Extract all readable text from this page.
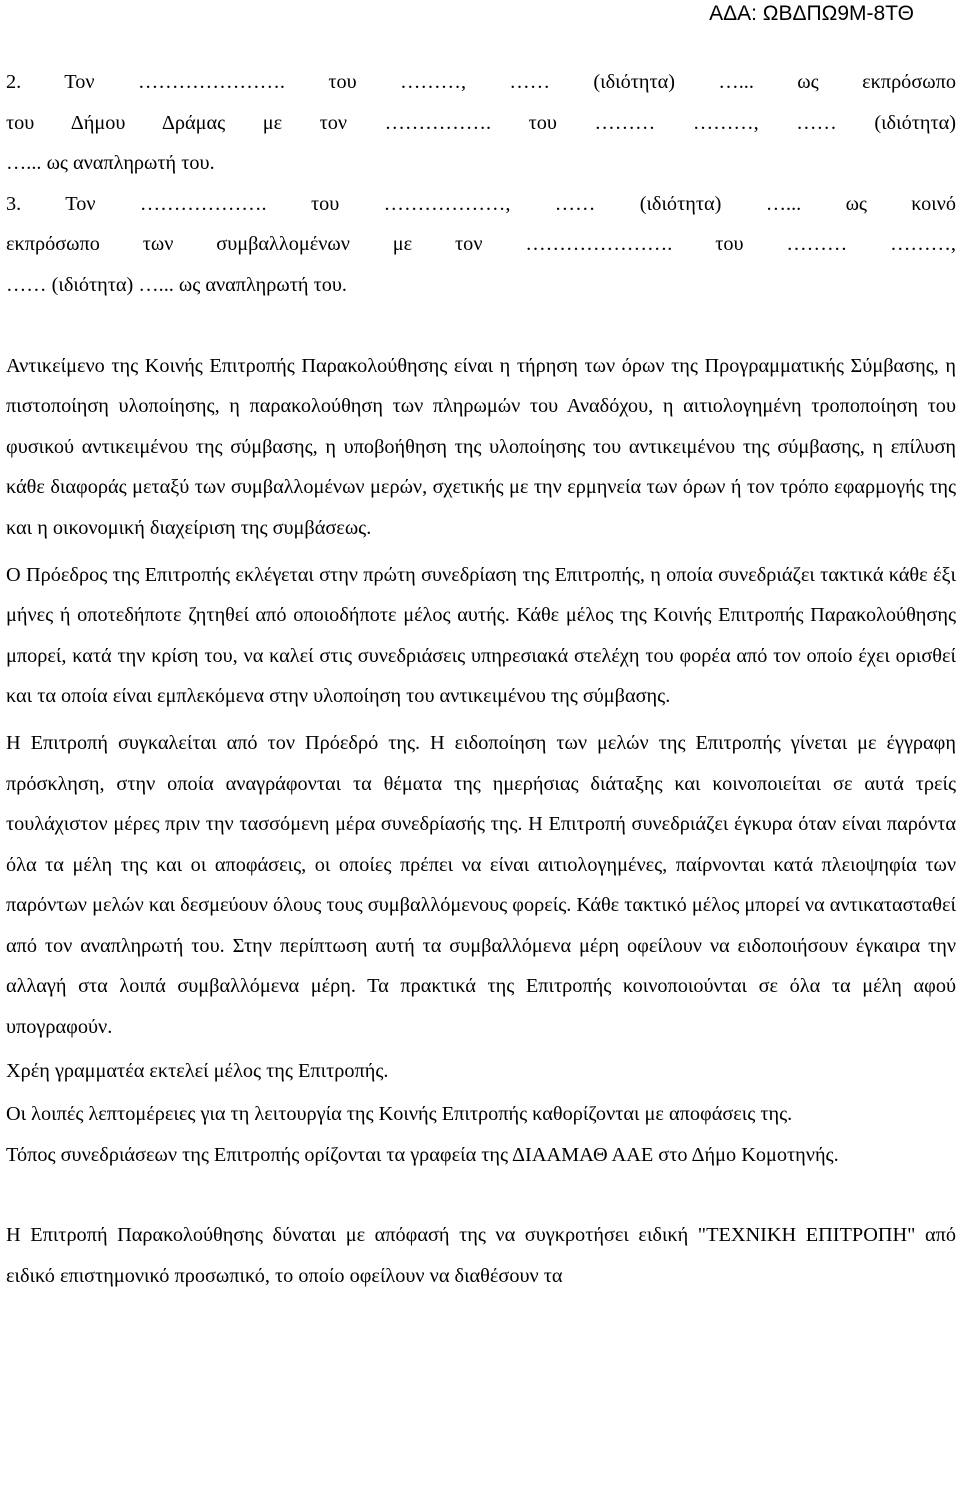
ΑΔΑ: ΩΒΔΠΩ9Μ-8ΤΘ

2. Τον …………………. του ………, …… (ιδιότητα) …... ως εκπρόσωπο

του Δήμου Δράμας με τον ……………. του ……… ………, …… (ιδιότητα)

…... ως αναπληρωτή του.

3. Τον ………………. του ………………, …… (ιδιότητα) …... ως κοινό

εκπρόσωπο των συμβαλλομένων με τον …………………. του ……… ………,

…… (ιδιότητα) …... ως αναπληρωτή του.

Αντικείμενο της Κοινής Επιτροπής Παρακολούθησης είναι η τήρηση των όρων της Προγραμματικής Σύμβασης, η πιστοποίηση υλοποίησης, η παρακολούθηση των πληρωμών του Αναδόχου, η αιτιολογημένη τροποποίηση του φυσικού αντικειμένου της σύμβασης, η υποβοήθηση της υλοποίησης του αντικειμένου της σύμβασης, η επίλυση κάθε διαφοράς μεταξύ των συμβαλλομένων μερών, σχετικής με την ερμηνεία των όρων ή τον τρόπο εφαρμογής της και η οικονομική διαχείριση της συμβάσεως.

Ο Πρόεδρος της Επιτροπής εκλέγεται στην πρώτη συνεδρίαση της Επιτροπής, η οποία συνεδριάζει τακτικά κάθε έξι μήνες ή οποτεδήποτε ζητηθεί από οποιοδήποτε μέλος αυτής. Κάθε μέλος της Κοινής Επιτροπής Παρακολούθησης μπορεί, κατά την κρίση του, να καλεί στις συνεδριάσεις υπηρεσιακά στελέχη του φορέα από τον οποίο έχει ορισθεί και τα οποία είναι εμπλεκόμενα στην υλοποίηση του αντικειμένου της σύμβασης.

Η Επιτροπή συγκαλείται από τον Πρόεδρό της. Η ειδοποίηση των μελών της Επιτροπής γίνεται με έγγραφη πρόσκληση, στην οποία αναγράφονται τα θέματα της ημερήσιας διάταξης και κοινοποιείται σε αυτά τρείς τουλάχιστον μέρες πριν την τασσόμενη μέρα συνεδρίασής της. Η Επιτροπή συνεδριάζει έγκυρα όταν είναι παρόντα όλα τα μέλη της και οι αποφάσεις, οι οποίες πρέπει να είναι αιτιολογημένες, παίρνονται κατά πλειοψηφία των παρόντων μελών και δεσμεύουν όλους τους συμβαλλόμενους φορείς. Κάθε τακτικό μέλος μπορεί να αντικατασταθεί από τον αναπληρωτή του. Στην περίπτωση αυτή τα συμβαλλόμενα μέρη οφείλουν να ειδοποιήσουν έγκαιρα την αλλαγή στα λοιπά συμβαλλόμενα μέρη. Τα πρακτικά της Επιτροπής κοινοποιούνται σε όλα τα μέλη αφού υπογραφούν.

Χρέη γραμματέα εκτελεί μέλος της Επιτροπής.

Οι λοιπές λεπτομέρειες για τη λειτουργία της Κοινής Επιτροπής καθορίζονται με αποφάσεις της.

Τόπος συνεδριάσεων της Επιτροπής ορίζονται τα γραφεία της ΔΙΑΑΜΑΘ ΑΑΕ στο Δήμο Κομοτηνής.

Η Επιτροπή Παρακολούθησης δύναται με απόφασή της να συγκροτήσει ειδική "ΤΕΧΝΙΚΗ ΕΠΙΤΡΟΠΗ" από ειδικό επιστημονικό προσωπικό, το οποίο οφείλουν να διαθέσουν τα
